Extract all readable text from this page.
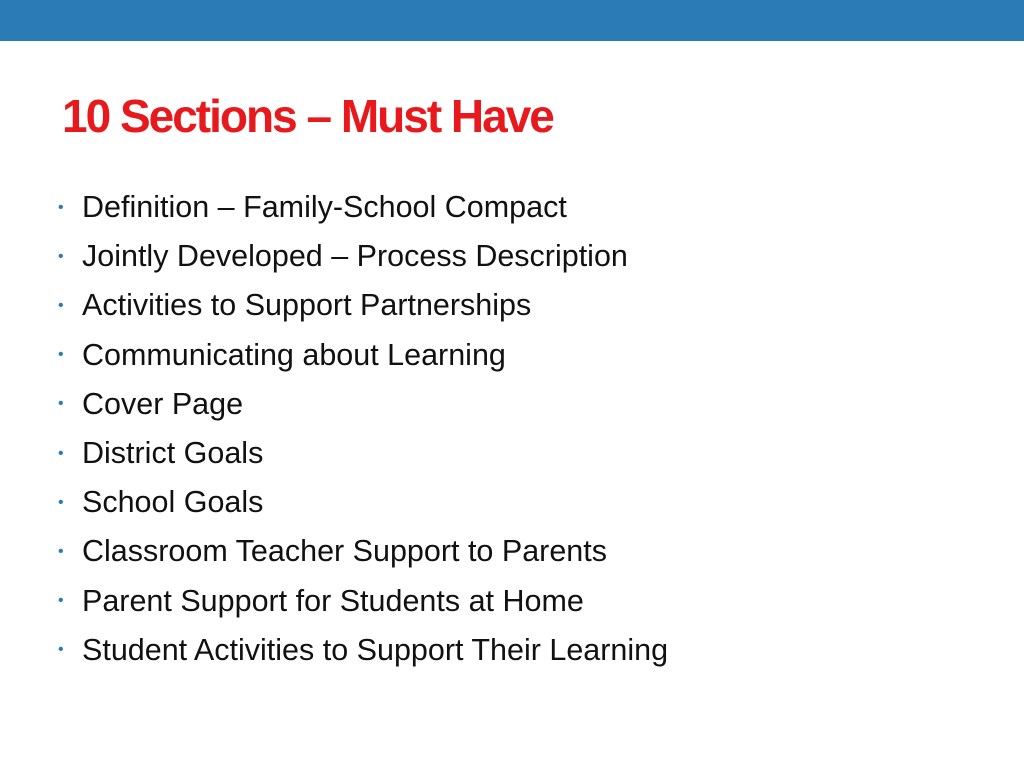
10 Sections – Must Have
• Definition – Family-School Compact
• Jointly Developed – Process Description
• Activities to Support Partnerships
• Communicating about Learning
• Cover Page
• District Goals
• School Goals
• Classroom Teacher Support to Parents
• Parent Support for Students at Home
• Student Activities to Support Their Learning
